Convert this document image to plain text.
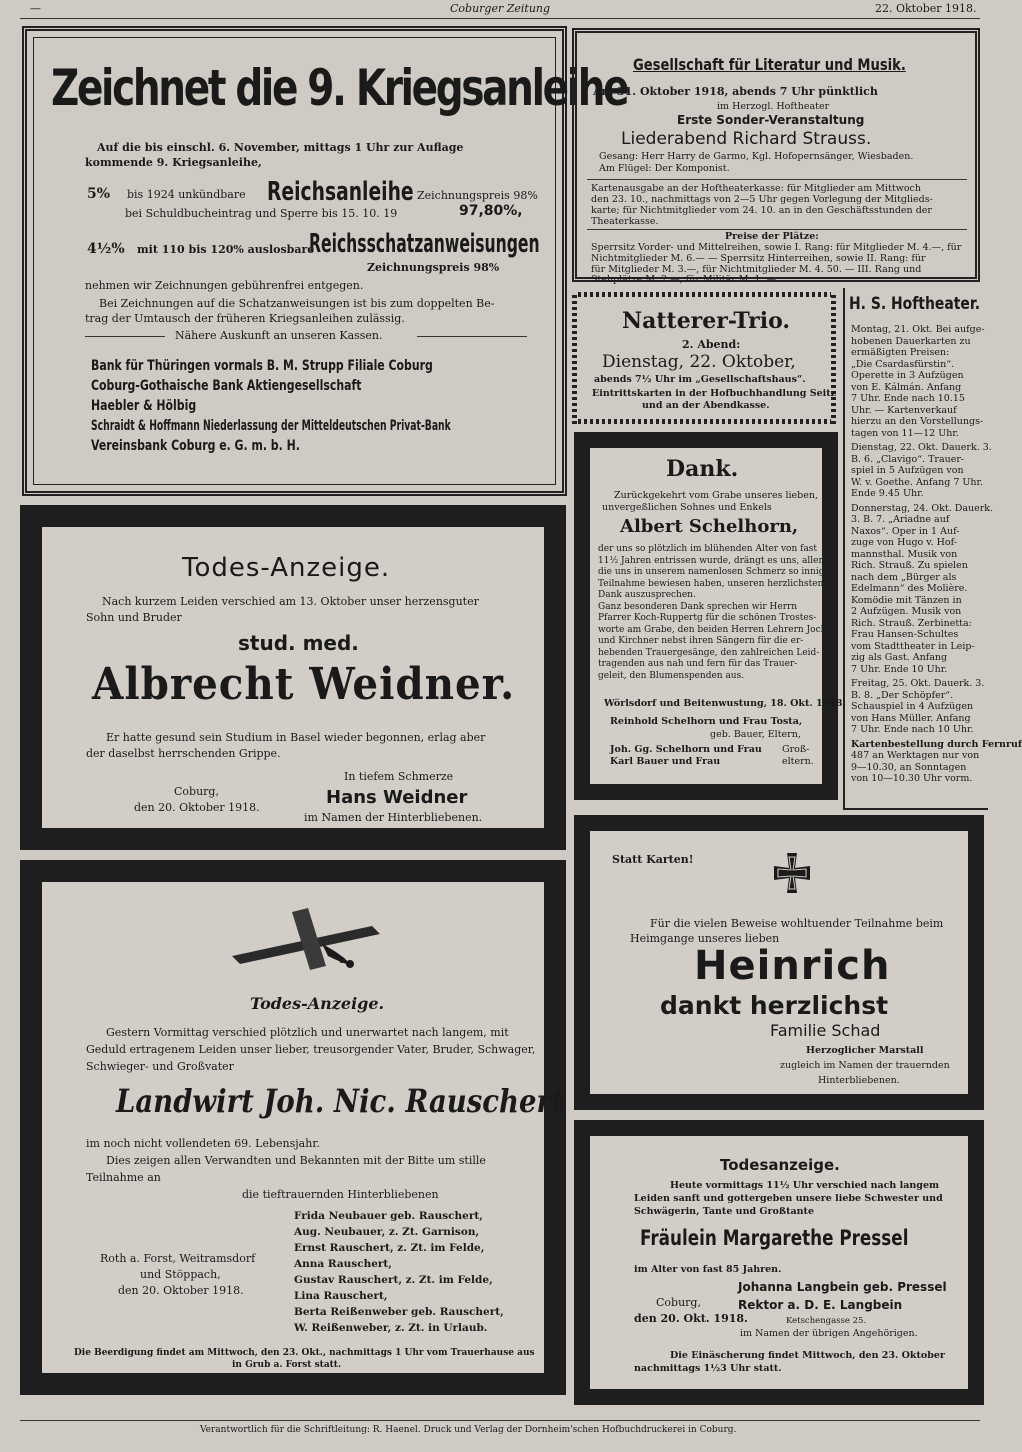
—	Coburger Zeitung	22. Oktober 1918.
Zeichnet die 9. Kriegsanleihe
Auf die bis einschl. 6. November, mittags 1 Uhr zur Auflage
kommende 9. Kriegsanleihe,
5% bis 1924 unkündbare Reichsanleihe Zeichnungspreis 98%
bei Schuldbucheintrag und Sperre bis 15. 10. 19	97,80%,
4½% mit 110 bis 120% auslosbare
Reichsschatzanweisungen
Zeichnungspreis 98%
nehmen wir Zeichnungen gebührenfrei entgegen.
Bei Zeichnungen auf die Schatzanweisungen ist bis zum doppelten Be-
trag der Umtausch der früheren Kriegsanleihen zulässig.
Nähere Auskunft an unseren Kassen.
Bank für Thüringen vormals B. M. Strupp Filiale Coburg
Coburg-Gothaische Bank Aktiengesellschaft
Haebler & Hölbig
Schraidt & Hoffmann Niederlassung der Mitteldeutschen Privat-Bank
Vereinsbank Coburg e. G. m. b. H.
Gesellschaft für Literatur und Musik.
Am 31. Oktober 1918, abends 7 Uhr pünktlich
im Herzogl. Hoftheater
Erste Sonder-Veranstaltung
Liederabend Richard Strauss.
Gesang: Herr Harry de Garmo, Kgl. Hofopernsänger, Wiesbaden.
Am Flügel: Der Komponist.
Kartenausgabe an der Hoftheaterkasse: für Mitglieder am Mittwoch
den 23. 10., nachmittags von 2—5 Uhr gegen Vorlegung der Mitglieds-
karte; für Nichtmitglieder vom 24. 10. an in den Geschäftsstunden der
Theaterkasse.
Preise der Plätze:
Sperrsitz Vorder- und Mittelreihen, sowie I. Rang: für Mitglieder M. 4.—, für
Nichtmitglieder M. 6.— — Sperrsitz Hinterreihen, sowie II. Rang: für
für Mitglieder M. 3.—, für Nichtmitglieder M. 4. 50. — III. Rang und
Stehplätze M. 2.—, für Militär M. 1. —.
Natterer-Trio.
2. Abend:
Dienstag, 22. Oktober,
abends 7½ Uhr im „Gesellschaftshaus“.
Eintrittskarten in der Hofbuchhandlung Seitz
und an der Abendkasse.
H. S. Hoftheater.
Montag, 21. Okt. Bei aufge-
hobenen Dauerkarten zu
ermäßigten Preisen:
„Die Csardasfürstin“.
Operette in 3 Aufzügen
von E. Kálmán. Anfang
7 Uhr. Ende nach 10.15
Uhr. — Kartenverkauf
hierzu an den Vorstellungs-
tagen von 11—12 Uhr.
Dienstag, 22. Okt. Dauerk. 3.
B. 6. „Clavigo“. Trauer-
spiel in 5 Aufzügen von
W. v. Goethe. Anfang 7 Uhr.
Ende 9.45 Uhr.
Donnerstag, 24. Okt. Dauerk.
3. B. 7. „Ariadne auf
Naxos“. Oper in 1 Auf-
zuge von Hugo v. Hof-
mannsthal. Musik von
Rich. Strauß. Zu spielen
nach dem „Bürger als
Edelmann“ des Molière.
Komödie mit Tänzen in
2 Aufzügen. Musik von
Rich. Strauß. Zerbinetta:
Frau Hansen-Schultes
vom Stadttheater in Leip-
zig als Gast. Anfang
7 Uhr. Ende 10 Uhr.
Freitag, 25. Okt. Dauerk. 3.
B. 8. „Der Schöpfer“.
Schauspiel in 4 Aufzügen
von Hans Müller. Anfang
7 Uhr. Ende nach 10 Uhr.
Kartenbestellung durch Fernruf
487 an Werktagen nur von
9—10.30, an Sonntagen
von 10—10.30 Uhr vorm.
Dank.
Zurückgekehrt vom Grabe unseres lieben,
unvergeßlichen Sohnes und Enkels
Albert Schelhorn,
der uns so plötzlich im blühenden Alter von fast
11½ Jahren entrissen wurde, drängt es uns, allen,
die uns in unserem namenlosen Schmerz so innige
Teilnahme bewiesen haben, unseren herzlichsten
Dank auszusprechen.
Ganz besonderen Dank sprechen wir Herrn
Pfarrer Koch-Ruppertg für die schönen Trostes-
worte am Grabe, den beiden Herren Lehrern Joch
und Kirchner nebst ihren Sängern für die er-
hebenden Trauergesänge, den zahlreichen Leid-
tragenden aus nah und fern für das Trauer-
geleit, den Blumenspenden aus.
Wörlsdorf und Beitenwustung, 18. Okt. 1918.
Reinhold Schelhorn und Frau Tosta,
geb. Bauer, Eltern,
Joh. Gg. Schelhorn und Frau
Karl Bauer und Frau
Groß-
eltern.
Todes-Anzeige.
Nach kurzem Leiden verschied am 13. Oktober unser herzensguter
Sohn und Bruder
stud. med.
Albrecht Weidner.
Er hatte gesund sein Studium in Basel wieder begonnen, erlag aber
der daselbst herrschenden Grippe.
In tiefem Schmerze
Coburg,	Hans Weidner
den 20. Oktober 1918.
im Namen der Hinterbliebenen.
Statt Karten!
Für die vielen Beweise wohltuender Teilnahme beim
Heimgange unseres lieben
Heinrich
dankt herzlichst
Familie Schad
Herzoglicher Marstall
zugleich im Namen der trauernden
Hinterbliebenen.
Todes-Anzeige.
Gestern Vormittag verschied plötzlich und unerwartet nach langem, mit
Geduld ertragenem Leiden unser lieber, treusorgender Vater, Bruder, Schwager,
Schwieger- und Großvater
Landwirt Joh. Nic. Rauschert
im noch nicht vollendeten 69. Lebensjahr.
Dies zeigen allen Verwandten und Bekannten mit der Bitte um stille
Teilnahme an
die tieftrauernden Hinterbliebenen
Frida Neubauer geb. Rauschert,
Aug. Neubauer, z. Zt. Garnison,
Ernst Rauschert, z. Zt. im Felde,
Anna Rauschert,
Gustav Rauschert, z. Zt. im Felde,
Lina Rauschert,
Berta Reißenweber geb. Rauschert,
W. Reißenweber, z. Zt. in Urlaub.
Roth a. Forst, Weitramsdorf
und Stöppach,
den 20. Oktober 1918.
Die Beerdigung findet am Mittwoch, den 23. Okt., nachmittags 1 Uhr vom Trauerhause aus
in Grub a. Forst statt.
Todesanzeige.
Heute vormittags 11½ Uhr verschied nach langem
Leiden sanft und gottergeben unsere liebe Schwester und
Schwägerin, Tante und Großtante
Fräulein Margarethe Pressel
im Alter von fast 85 Jahren.
Johanna Langbein geb. Pressel
Coburg,	Rektor a. D. E. Langbein
den 20. Okt. 1918.	Ketschengasse 25.
im Namen der übrigen Angehörigen.
Die Einäscherung findet Mittwoch, den 23. Oktober
nachmittags 1½3 Uhr statt.
Verantwortlich für die Schriftleitung: R. Haenel. Druck und Verlag der Dornheim'schen Hofbuchdruckerei in Coburg.
